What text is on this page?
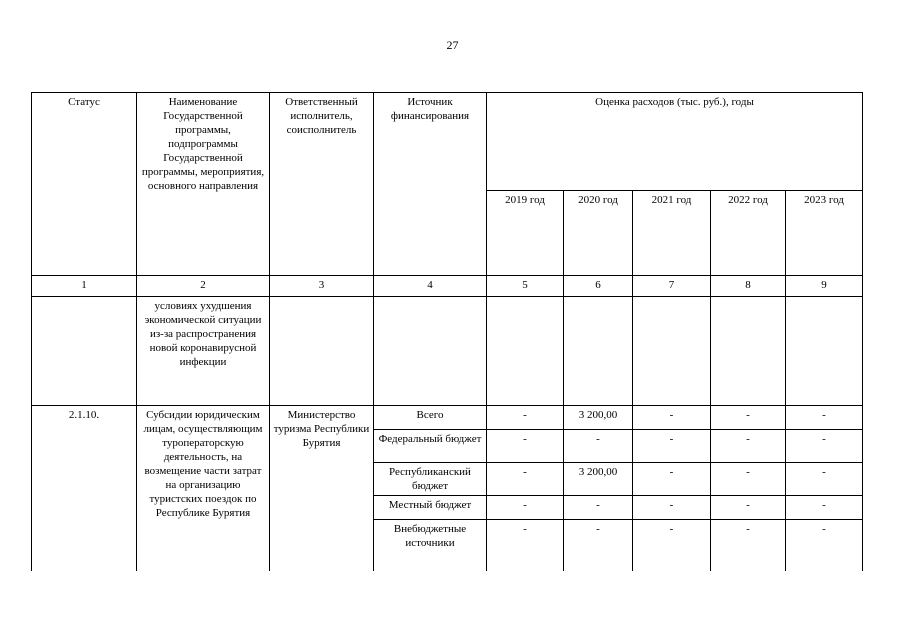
27
Статус	Наименование Государственной программы, подпрограммы Государственной программы, мероприятия, основного направления	Ответственный исполнитель, соисполнитель	Источник финансирования	Оценка расходов (тыс. руб.), годы				
				2019 год	2020 год	2021 год	2022 год	2023 год
1	2	3	4	5	6	7	8	9
	условиях ухудшения экономической ситуации из-за распространения новой коронавирусной инфекции							
2.1.10.	Субсидии юридическим лицам, осуществляющим туроператорскую деятельность, на возмещение части затрат на организацию туристских поездок по Республике Бурятия	Министерство туризма Республики Бурятия	Всего	-	3 200,00	-	-	-
			Федеральный бюджет	-	-	-	-	-
			Республиканский бюджет	-	3 200,00	-	-	-
			Местный бюджет	-	-	-	-	-
			Внебюджетные источники	-	-	-	-	-
